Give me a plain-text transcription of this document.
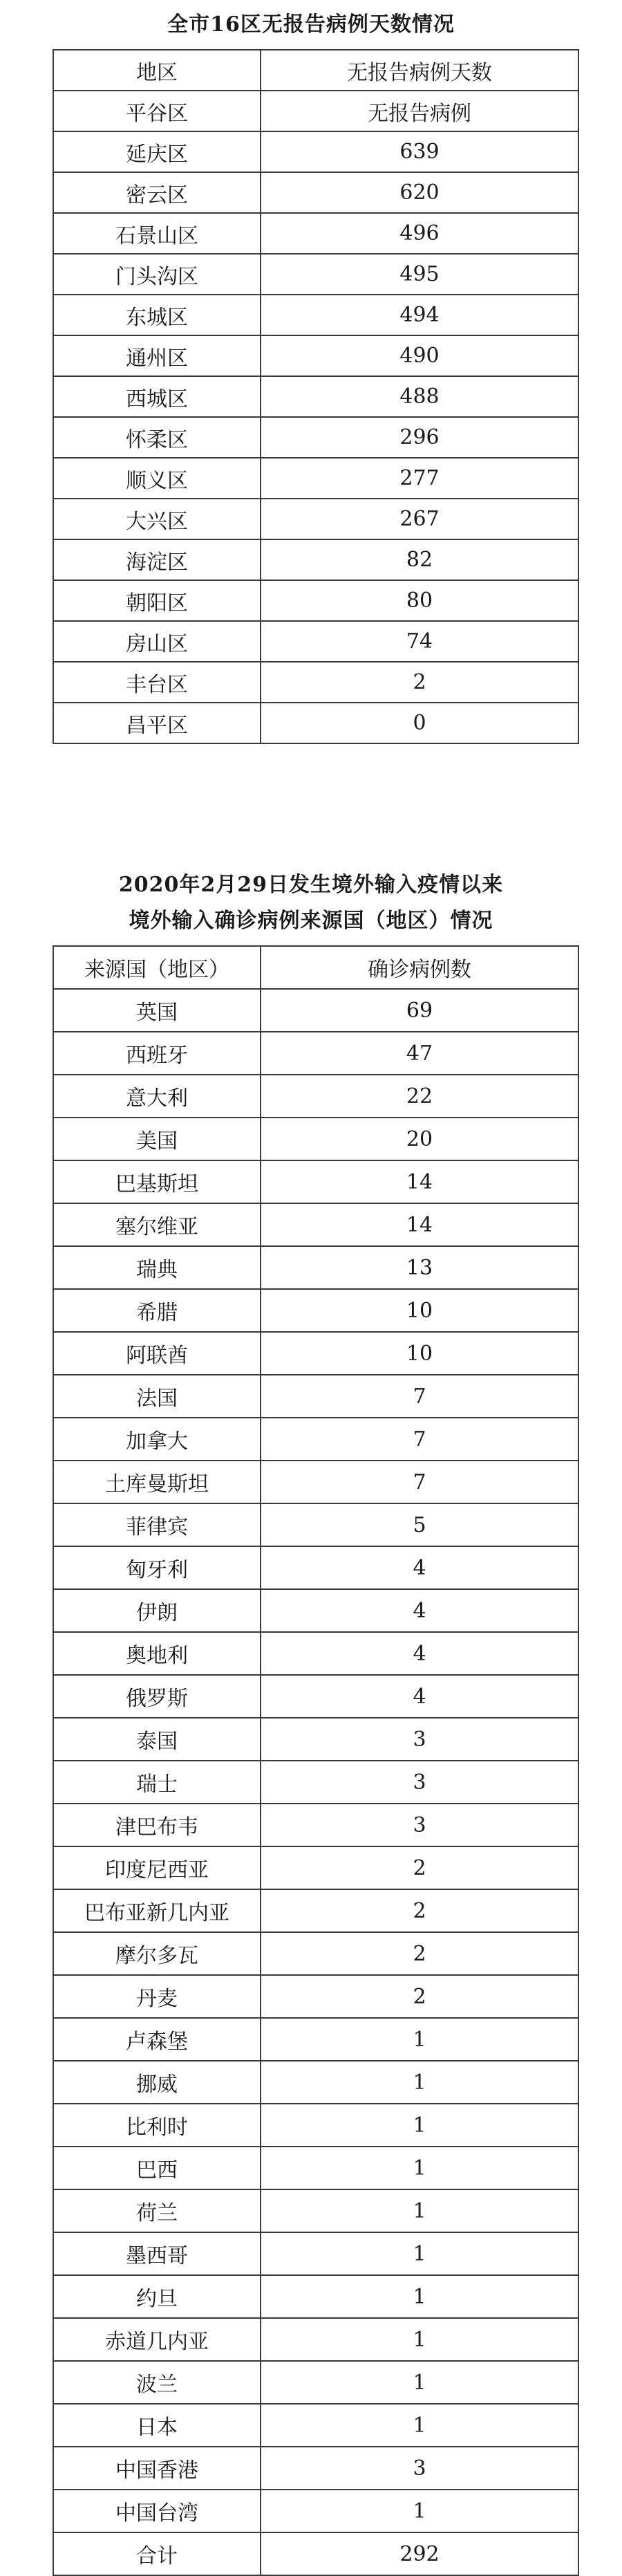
全市16区无报告病例天数情况
地区	无报告病例天数
平谷区	无报告病例
延庆区	639
密云区	620
石景山区	496
门头沟区	495
东城区	494
通州区	490
西城区	488
怀柔区	296
顺义区	277
大兴区	267
海淀区	82
朝阳区	80
房山区	74
丰台区	2
昌平区	0
2020年2月29日发生境外输入疫情以来
境外输入确诊病例来源国（地区）情况
来源国（地区）	确诊病例数
英国	69
西班牙	47
意大利	22
美国	20
巴基斯坦	14
塞尔维亚	14
瑞典	13
希腊	10
阿联酋	10
法国	7
加拿大	7
土库曼斯坦	7
菲律宾	5
匈牙利	4
伊朗	4
奥地利	4
俄罗斯	4
泰国	3
瑞士	3
津巴布韦	3
印度尼西亚	2
巴布亚新几内亚	2
摩尔多瓦	2
丹麦	2
卢森堡	1
挪威	1
比利时	1
巴西	1
荷兰	1
墨西哥	1
约旦	1
赤道几内亚	1
波兰	1
日本	1
中国香港	3
中国台湾	1
合计	292
